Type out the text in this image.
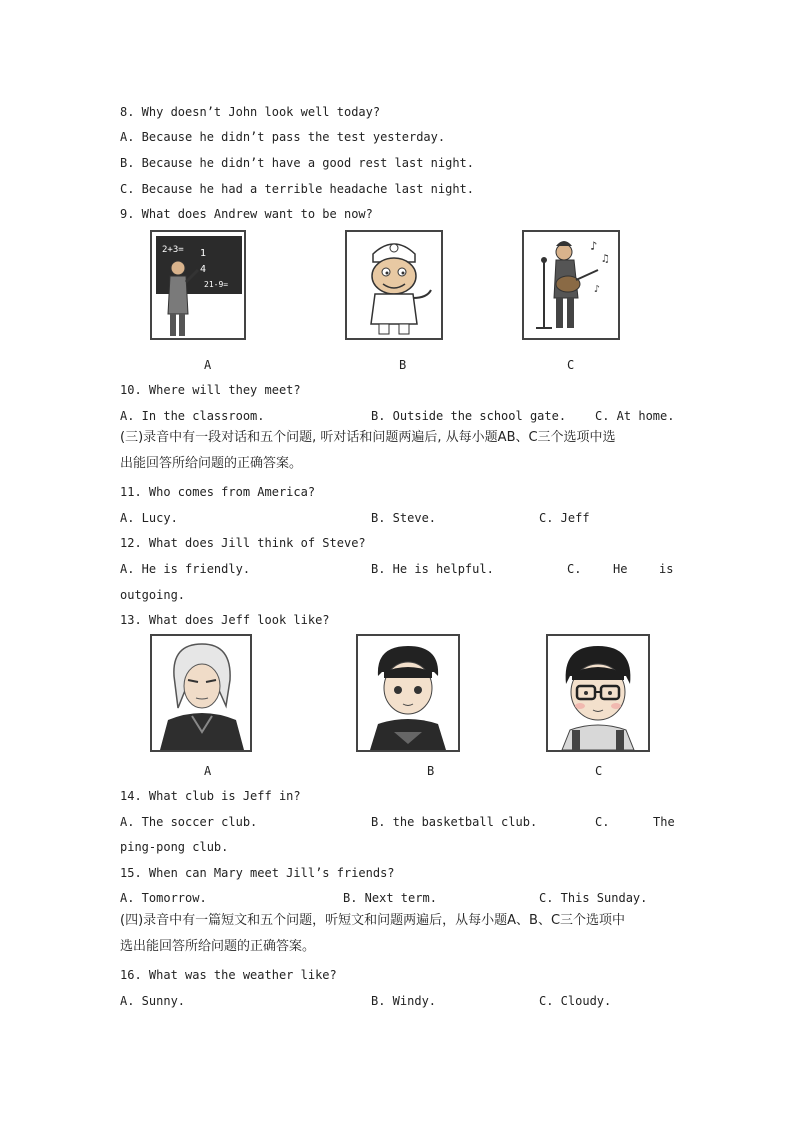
8. Why doesn’t John look well today?
A. Because he didn’t pass the test yesterday.
B. Because he didn’t have a good rest last night.
C. Because he had a terrible headache last night.
9. What does Andrew want to be now?
2+3=
21-9=
1
4
♪
♫
♪
A	B	C
10. Where will they meet?
A. In the classroom.	B. Outside the school gate. C. At home.
(三)录音中有一段对话和五个问题, 听对话和问题两遍后, 从每小题AB、C三个选项中选
出能回答所给问题的正确答案。
11. Who comes from America?
A. Lucy.	B. Steve.	C. Jeff
12. What does Jill think of Steve?
A. He is friendly.	B. He is helpful.	C.	He	is
outgoing.
13. What does Jeff look like?
A	B	C
14. What club is Jeff in?
A. The soccer club.	B. the basketball club.	C.	The
ping-pong club.
15. When can Mary meet Jill’s friends?
A. Tomorrow.	B. Next term.	C. This Sunday.
(四)录音中有一篇短文和五个问题，听短文和问题两遍后，从每小题A、B、C三个选项中
选出能回答所给问题的正确答案。
16. What was the weather like?
A. Sunny.	B. Windy.	C. Cloudy.
